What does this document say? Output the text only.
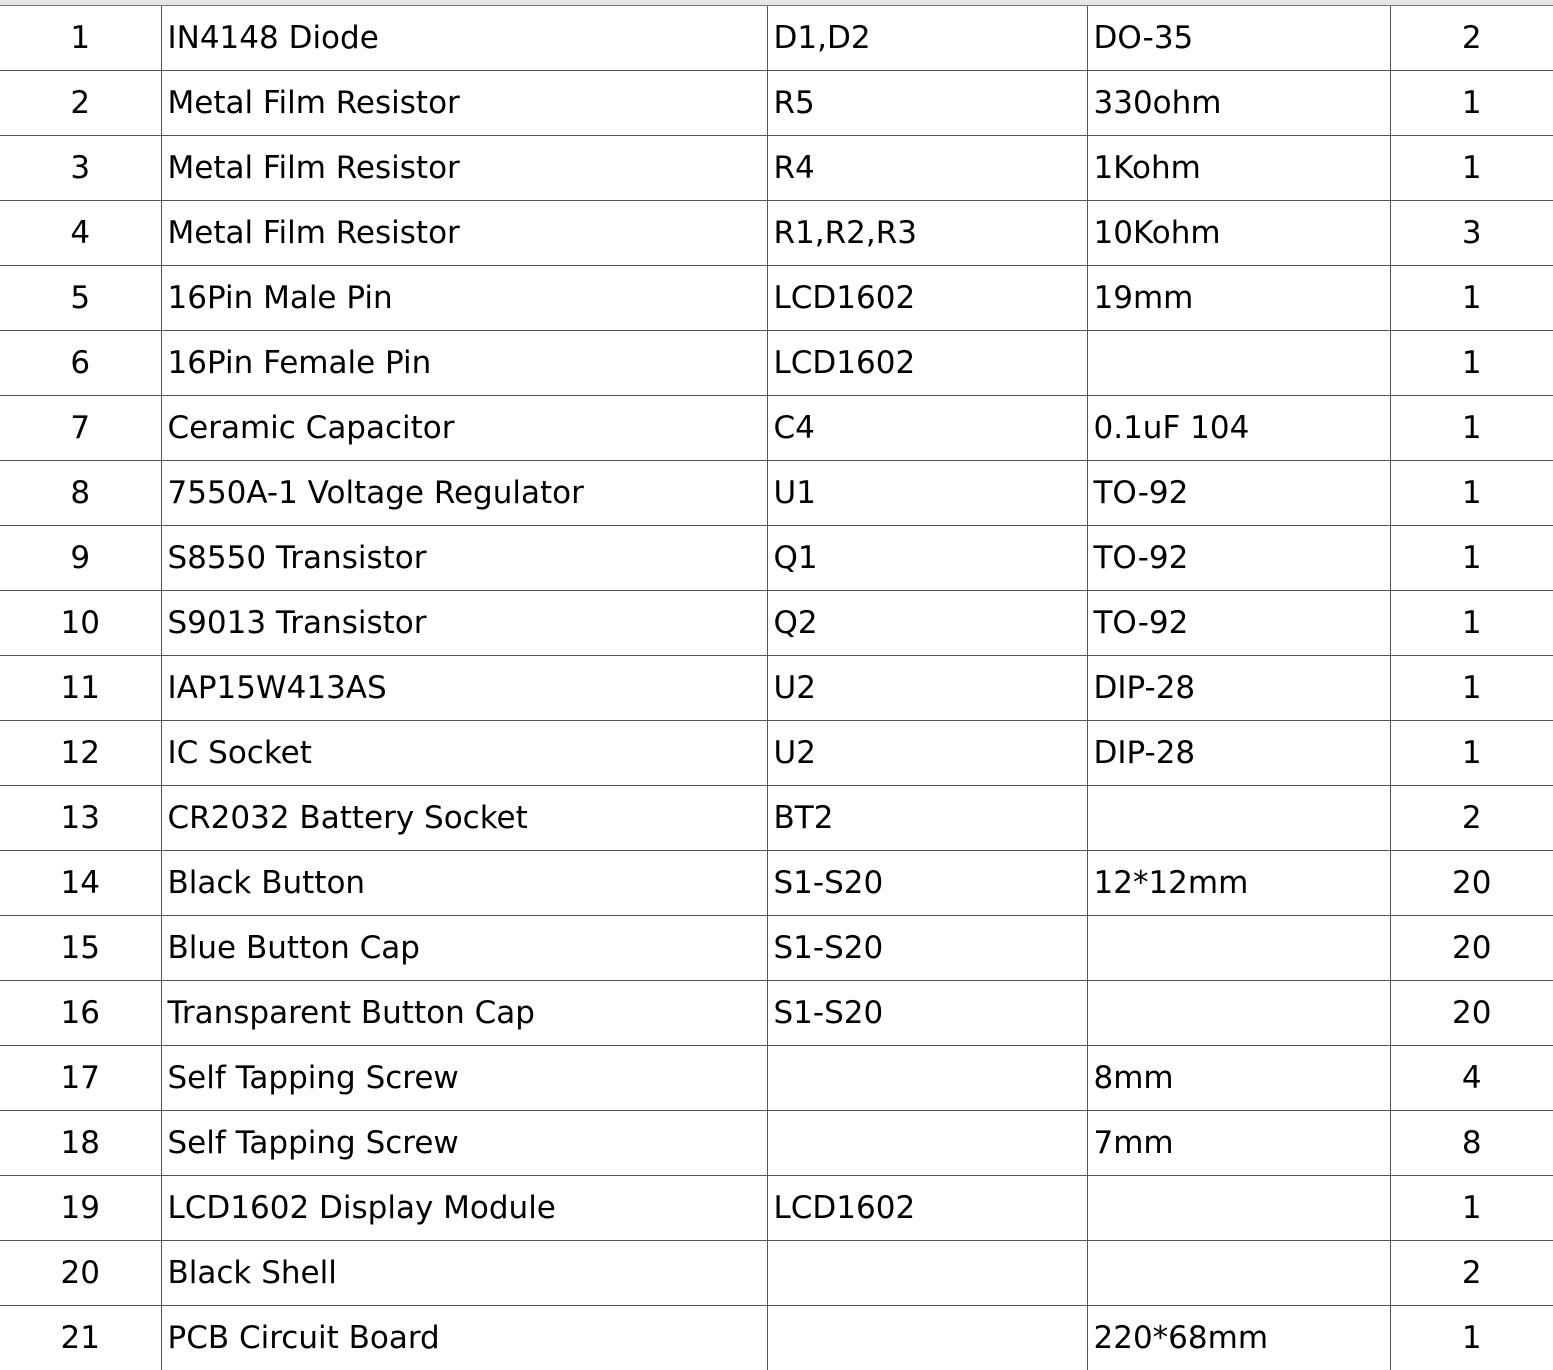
1	IN4148 Diode	D1,D2	DO-35	2
2	Metal Film Resistor	R5	330ohm	1
3	Metal Film Resistor	R4	1Kohm	1
4	Metal Film Resistor	R1,R2,R3	10Kohm	3
5	16Pin Male Pin	LCD1602	19mm	1
6	16Pin Female Pin	LCD1602		1
7	Ceramic Capacitor	C4	0.1uF 104	1
8	7550A-1 Voltage Regulator	U1	TO-92	1
9	S8550 Transistor	Q1	TO-92	1
10	S9013 Transistor	Q2	TO-92	1
11	IAP15W413AS	U2	DIP-28	1
12	IC Socket	U2	DIP-28	1
13	CR2032 Battery Socket	BT2		2
14	Black Button	S1-S20	12*12mm	20
15	Blue Button Cap	S1-S20		20
16	Transparent Button Cap	S1-S20		20
17	Self Tapping Screw		8mm	4
18	Self Tapping Screw		7mm	8
19	LCD1602 Display Module	LCD1602		1
20	Black Shell			2
21	PCB Circuit Board		220*68mm	1
